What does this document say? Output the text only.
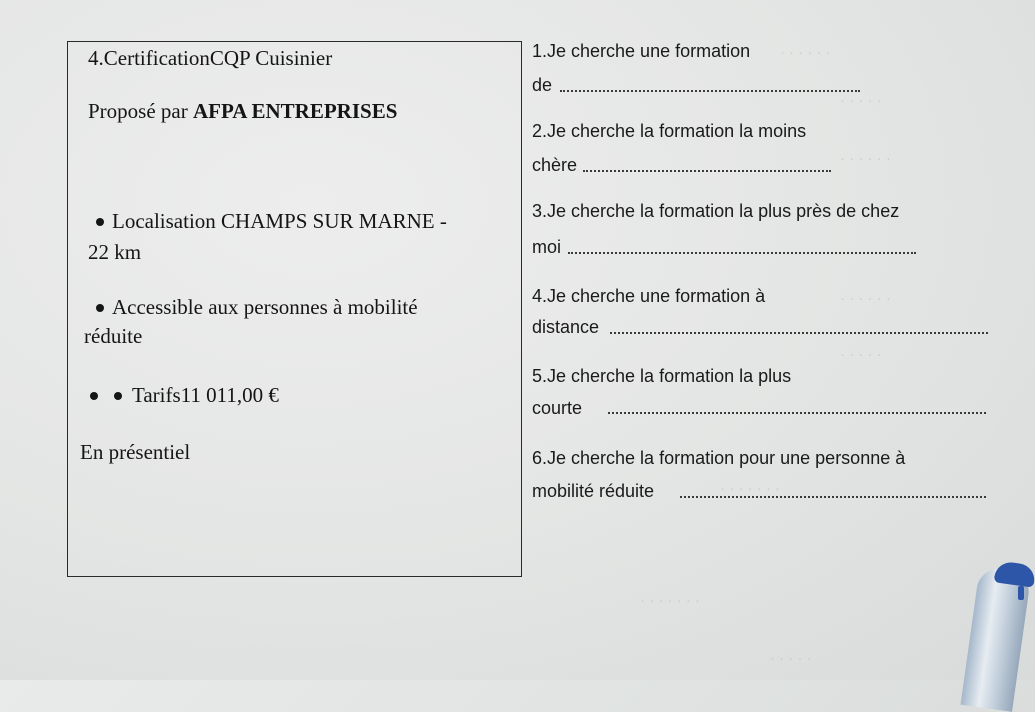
· · · · · ·
· · · · ·
· · · · · ·
· · · · · ·
· · · · ·
· · · · · · ·
· · · · · · ·
· · · · ·
4.CertificationCQP Cuisinier
Proposé par AFPA ENTREPRISES
Localisation CHAMPS SUR MARNE -
22 km
Accessible aux personnes à mobilité
réduite
Tarifs11 011,00 €
En présentiel
1.Je cherche une formation
de
2.Je cherche la formation la moins
chère
3.Je cherche la formation la plus près de chez
moi
4.Je cherche une formation à
distance
5.Je cherche la formation la plus
courte
6.Je cherche la formation pour une personne à
mobilité réduite
